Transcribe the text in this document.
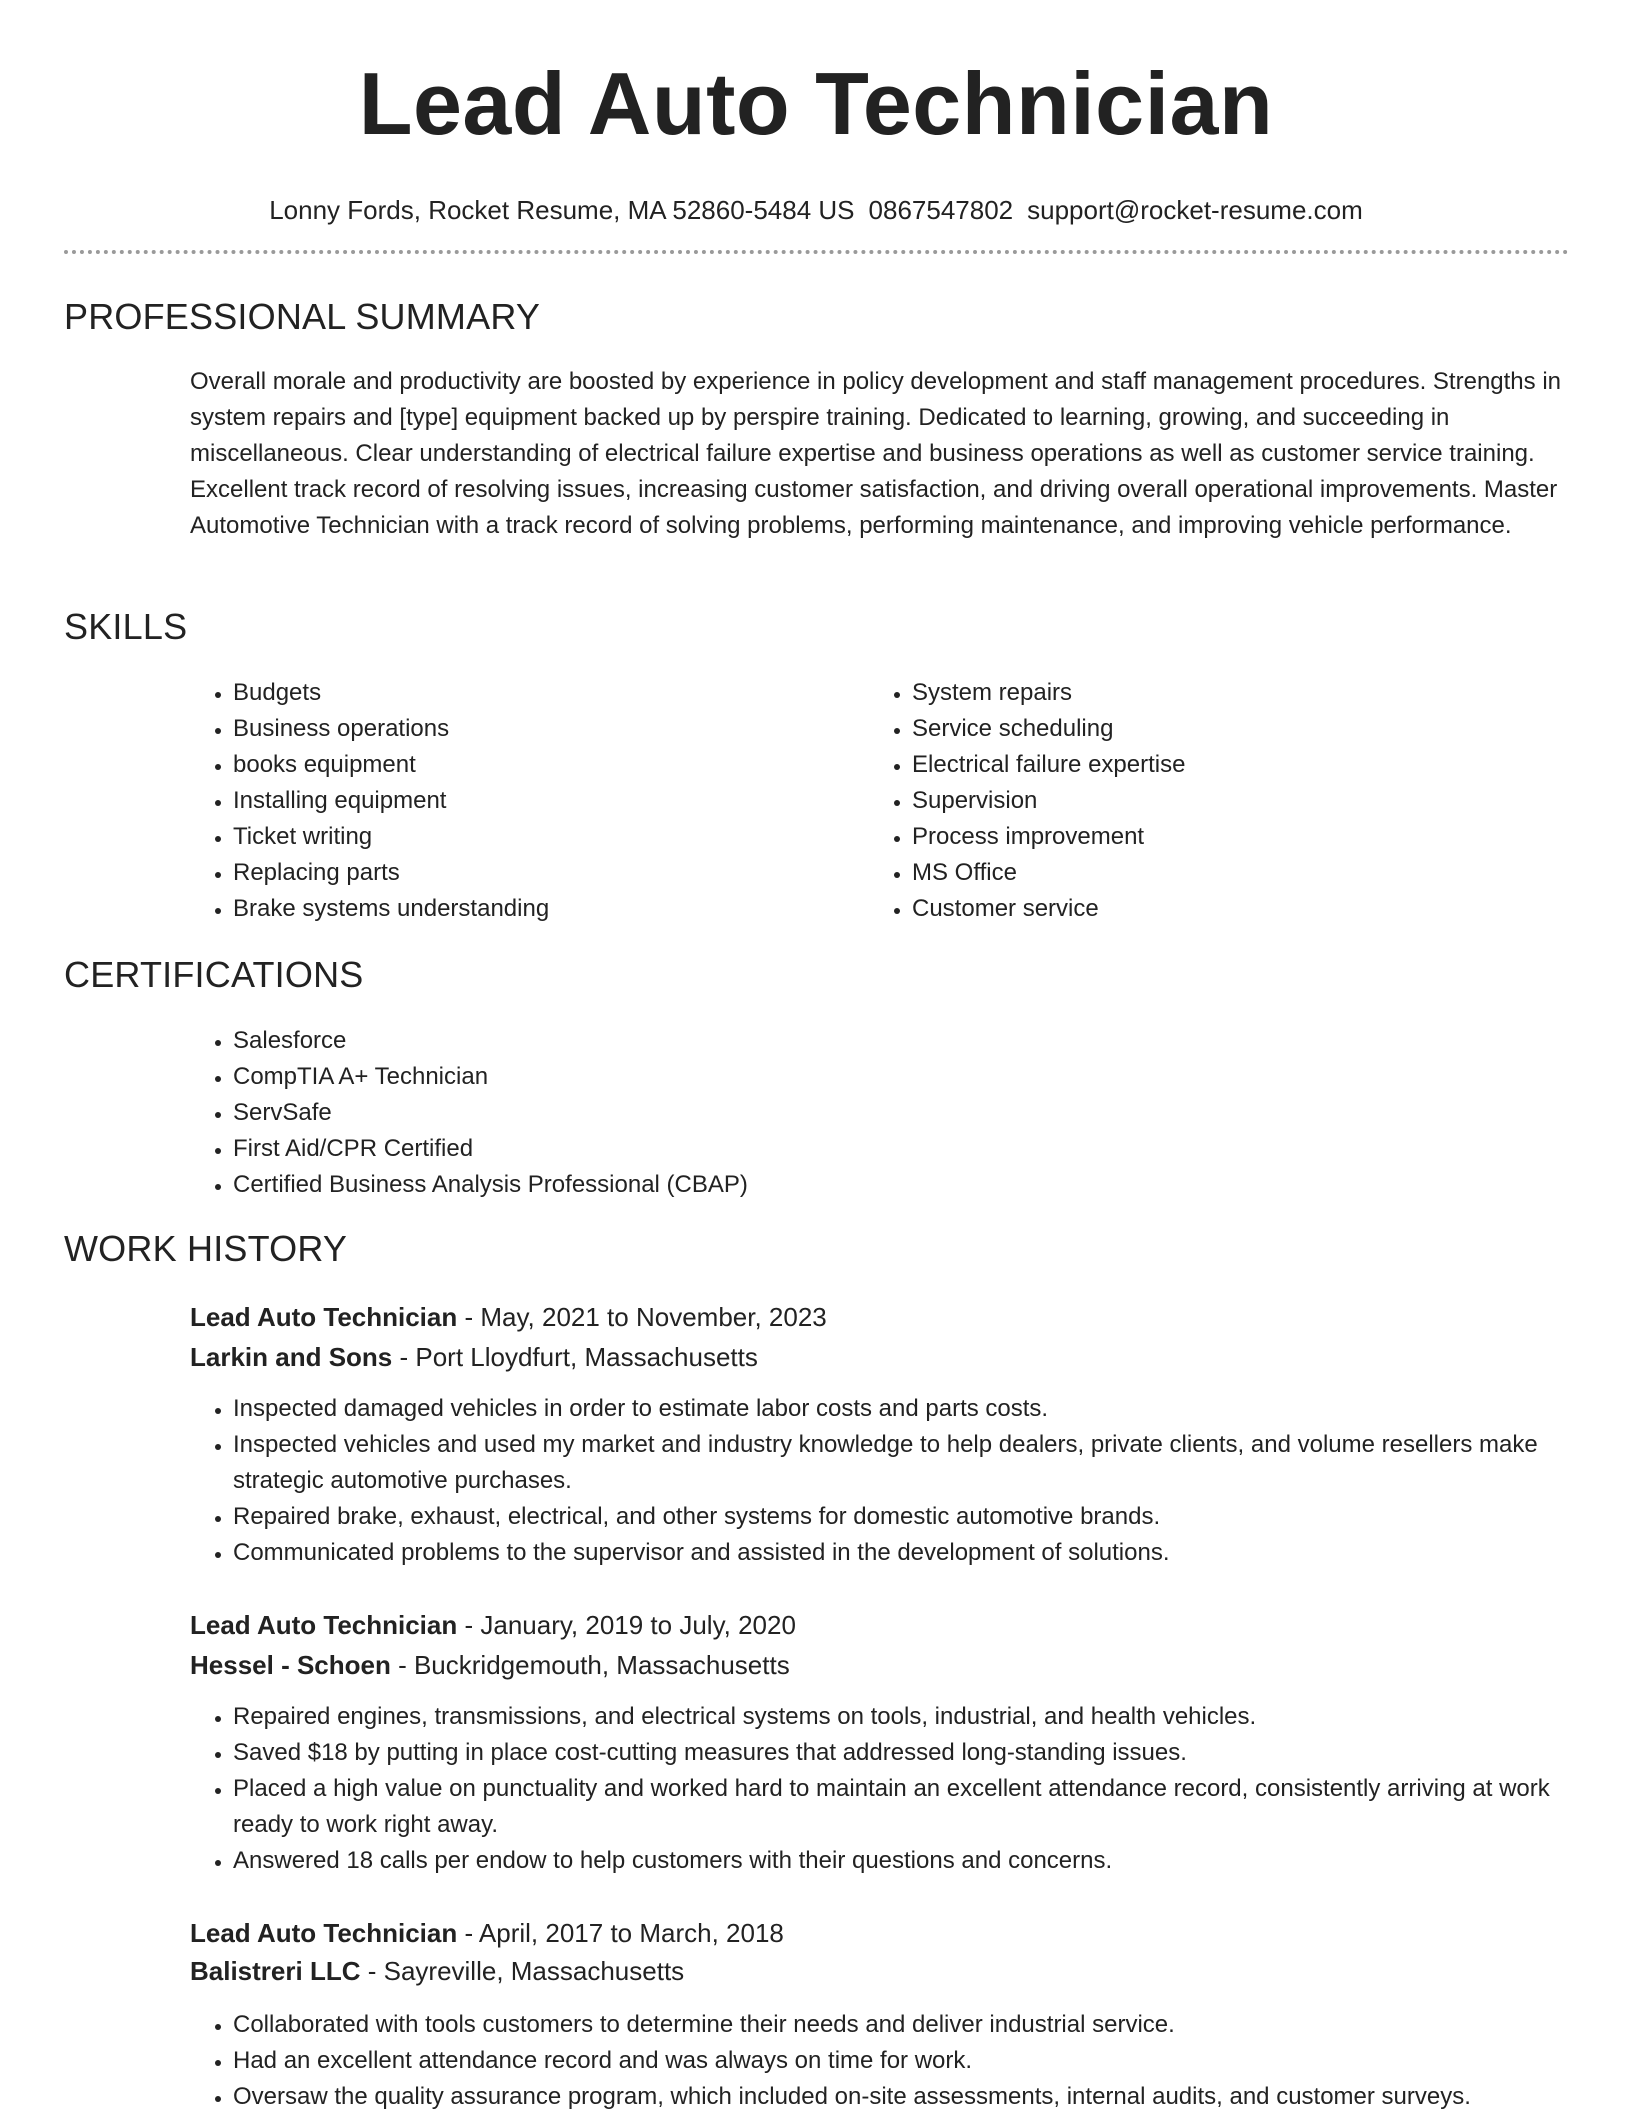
Lead Auto Technician
Lonny Fords, Rocket Resume, MA 52860-5484 US 0867547802 support@rocket-resume.com
PROFESSIONAL SUMMARY

Overall morale and productivity are boosted by experience in policy development and staff management procedures. Strengths in system repairs and [type] equipment backed up by perspire training. Dedicated to learning, growing, and succeeding in miscellaneous. Clear understanding of electrical failure expertise and business operations as well as customer service training. Excellent track record of resolving issues, increasing customer satisfaction, and driving overall operational improvements. Master Automotive Technician with a track record of solving problems, performing maintenance, and improving vehicle performance.

SKILLS
• Budgets
• Business operations
• books equipment
• Installing equipment
• Ticket writing
• Replacing parts
• Brake systems understanding
• System repairs
• Service scheduling
• Electrical failure expertise
• Supervision
• Process improvement
• MS Office
• Customer service
CERTIFICATIONS
• Salesforce
• CompTIA A+ Technician
• ServSafe
• First Aid/CPR Certified
• Certified Business Analysis Professional (CBAP)
WORK HISTORY

Lead Auto Technician - May, 2021 to November, 2023

Larkin and Sons - Port Lloydfurt, Massachusetts

• Inspected damaged vehicles in order to estimate labor costs and parts costs.
• Inspected vehicles and used my market and industry knowledge to help dealers, private clients, and volume resellers make strategic automotive purchases.
• Repaired brake, exhaust, electrical, and other systems for domestic automotive brands.
• Communicated problems to the supervisor and assisted in the development of solutions.

Lead Auto Technician - January, 2019 to July, 2020

Hessel - Schoen - Buckridgemouth, Massachusetts

• Repaired engines, transmissions, and electrical systems on tools, industrial, and health vehicles.
• Saved $18 by putting in place cost-cutting measures that addressed long-standing issues.
• Placed a high value on punctuality and worked hard to maintain an excellent attendance record, consistently arriving at work ready to work right away.
• Answered 18 calls per endow to help customers with their questions and concerns.

Lead Auto Technician - April, 2017 to March, 2018

Balistreri LLC - Sayreville, Massachusetts

• Collaborated with tools customers to determine their needs and deliver industrial service.
• Had an excellent attendance record and was always on time for work.
• Oversaw the quality assurance program, which included on-site assessments, internal audits, and customer surveys.
